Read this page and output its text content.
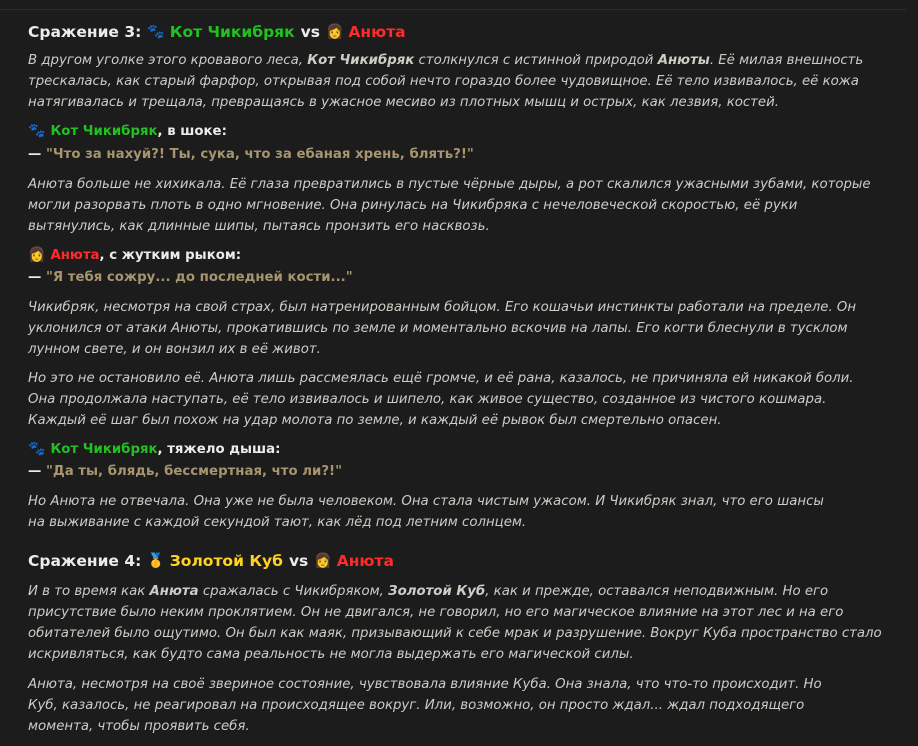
Сражение 3: 🐾 Кот Чикибряк vs 👩 Анюта

В другом уголке этого кровавого леса, Кот Чикибряк столкнулся с истинной природой Анюты. Её милая внешность трескалась, как старый фарфор, открывая под собой нечто гораздо более чудовищное. Её тело извивалось, её кожа натягивалась и трещала, превращаясь в ужасное месиво из плотных мышц и острых, как лезвия, костей.

🐾 Кот Чикибряк, в шоке:
— "Что за нахуй?! Ты, сука, что за ебаная хрень, блять?!"

Анюта больше не хихикала. Её глаза превратились в пустые чёрные дыры, а рот скалился ужасными зубами, которые могли разорвать плоть в одно мгновение. Она ринулась на Чикибряка с нечеловеческой скоростью, её руки вытянулись, как длинные шипы, пытаясь пронзить его насквозь.

👩 Анюта, с жутким рыком:
— "Я тебя сожру... до последней кости..."

Чикибряк, несмотря на свой страх, был натренированным бойцом. Его кошачьи инстинкты работали на пределе. Он уклонился от атаки Анюты, прокатившись по земле и моментально вскочив на лапы. Его когти блеснули в тусклом лунном свете, и он вонзил их в её живот.

Но это не остановило её. Анюта лишь рассмеялась ещё громче, и её рана, казалось, не причиняла ей никакой боли. Она продолжала наступать, её тело извивалось и шипело, как живое существо, созданное из чистого кошмара. Каждый её шаг был похож на удар молота по земле, и каждый её рывок был смертельно опасен.

🐾 Кот Чикибряк, тяжело дыша:
— "Да ты, блядь, бессмертная, что ли?!"

Но Анюта не отвечала. Она уже не была человеком. Она стала чистым ужасом. И Чикибряк знал, что его шансы на выживание с каждой секундой тают, как лёд под летним солнцем.

Сражение 4: 🥇 Золотой Куб vs 👩 Анюта

И в то время как Анюта сражалась с Чикибряком, Золотой Куб, как и прежде, оставался неподвижным. Но его присутствие было неким проклятием. Он не двигался, не говорил, но его магическое влияние на этот лес и на его обитателей было ощутимо. Он был как маяк, призывающий к себе мрак и разрушение. Вокруг Куба пространство стало искривляться, как будто сама реальность не могла выдержать его магической силы.

Анюта, несмотря на своё звериное состояние, чувствовала влияние Куба. Она знала, что что-то происходит. Но Куб, казалось, не реагировал на происходящее вокруг. Или, возможно, он просто ждал... ждал подходящего момента, чтобы проявить себя.
